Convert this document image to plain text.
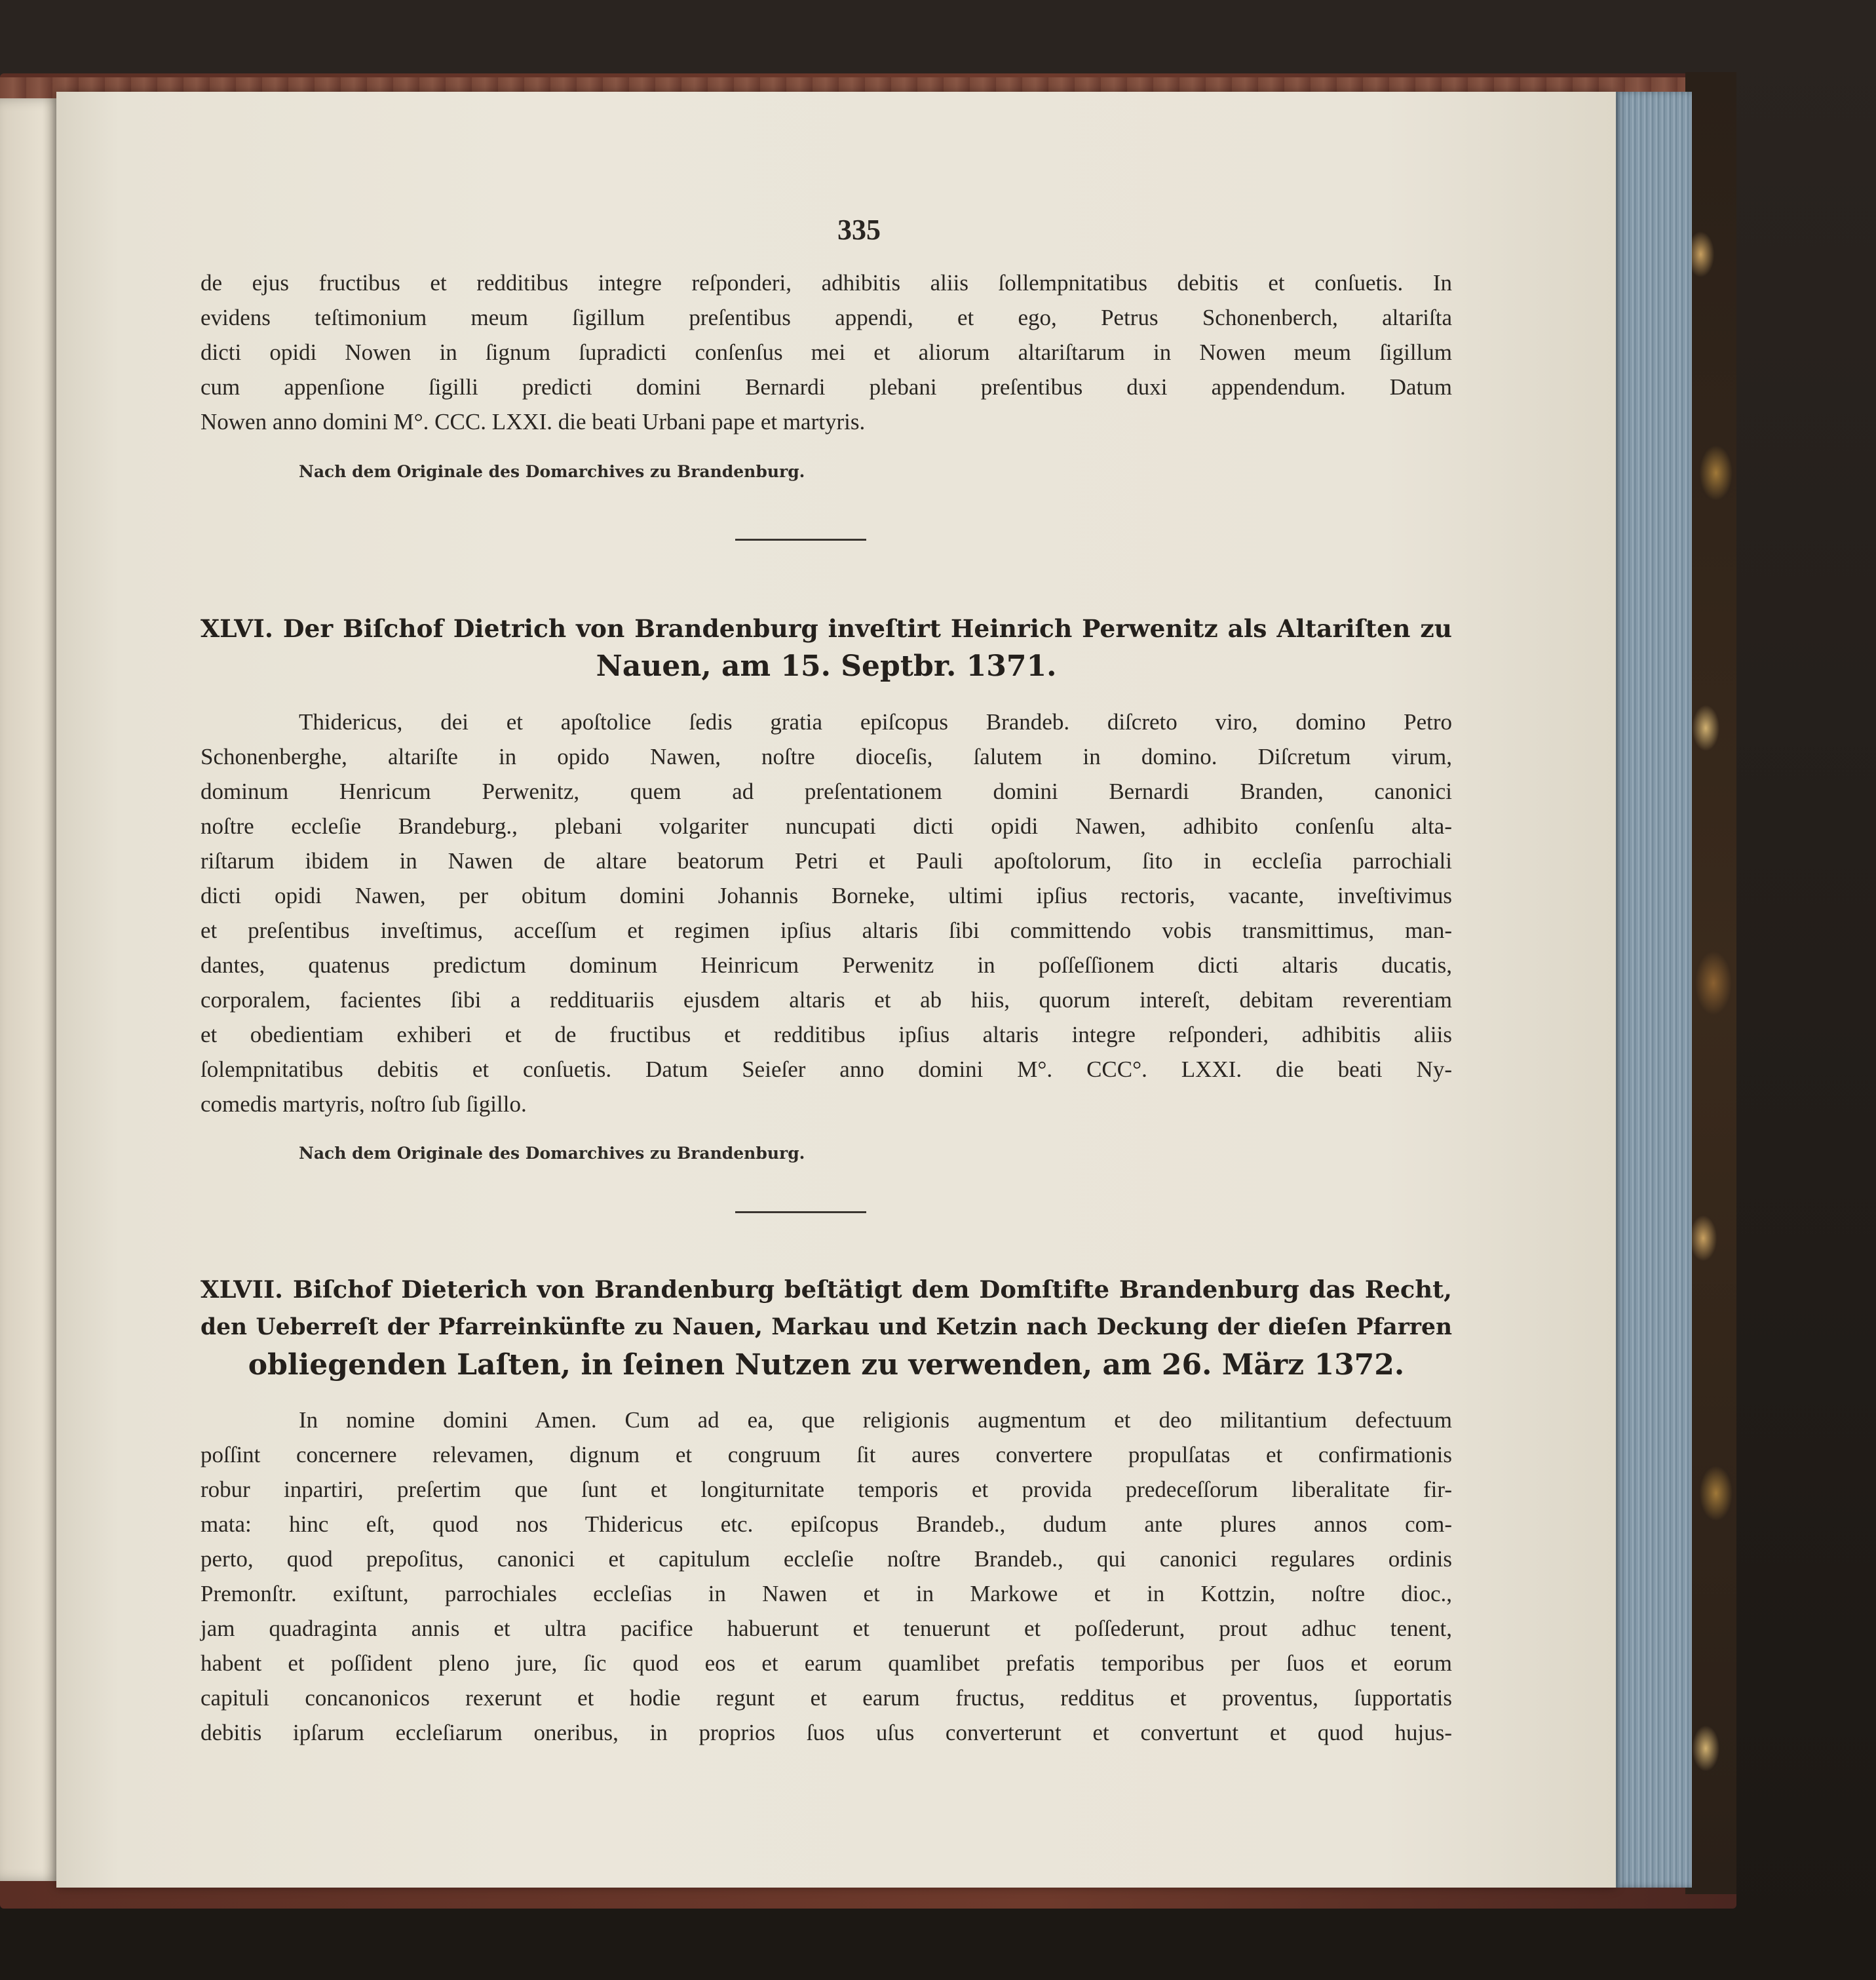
335

de ejus fructibus et redditibus integre reſponderi, adhibitis aliis ſollempnitatibus debitis et conſuetis. In
evidens teſtimonium meum ſigillum preſentibus appendi, et ego, Petrus Schonenberch, altariſta
dicti opidi Nowen in ſignum ſupradicti conſenſus mei et aliorum altariſtarum in Nowen meum ſigillum
cum appenſione ſigilli predicti domini Bernardi plebani preſentibus duxi appendendum. Datum
Nowen anno domini M°. CCC. LXXI. die beati Urbani pape et martyris.

Nach dem Originale des Domarchives zu Brandenburg.

XLVI. Der Biſchof Dietrich von Brandenburg inveſtirt Heinrich Perwenitz als Altariſten zu
Nauen, am 15. Septbr. 1371.

Thidericus, dei et apoſtolice ſedis gratia epiſcopus Brandeb. diſcreto viro, domino Petro
Schonenberghe, altariſte in opido Nawen, noſtre dioceſis, ſalutem in domino. Diſcretum virum,
dominum Henricum Perwenitz, quem ad preſentationem domini Bernardi Branden, canonici
noſtre eccleſie Brandeburg., plebani volgariter nuncupati dicti opidi Nawen, adhibito conſenſu alta-
riſtarum ibidem in Nawen de altare beatorum Petri et Pauli apoſtolorum, ſito in eccleſia parrochiali
dicti opidi Nawen, per obitum domini Johannis Borneke, ultimi ipſius rectoris, vacante, inveſtivimus
et preſentibus inveſtimus, acceſſum et regimen ipſius altaris ſibi committendo vobis transmittimus, man-
dantes, quatenus predictum dominum Heinricum Perwenitz in poſſeſſionem dicti altaris ducatis,
corporalem, facientes ſibi a reddituariis ejusdem altaris et ab hiis, quorum intereſt, debitam reverentiam
et obedientiam exhiberi et de fructibus et redditibus ipſius altaris integre reſponderi, adhibitis aliis
ſolempnitatibus debitis et conſuetis. Datum Seieſer anno domini M°. CCC°. LXXI. die beati Ny-
comedis martyris, noſtro ſub ſigillo.

Nach dem Originale des Domarchives zu Brandenburg.

XLVII. Biſchof Dieterich von Brandenburg beſtätigt dem Domſtifte Brandenburg das Recht,
den Ueberreſt der Pfarreinkünfte zu Nauen, Markau und Ketzin nach Deckung der dieſen Pfarren
obliegenden Laſten, in ſeinen Nutzen zu verwenden, am 26. März 1372.

In nomine domini Amen. Cum ad ea, que religionis augmentum et deo militantium defectuum
poſſint concernere relevamen, dignum et congruum ſit aures convertere propulſatas et confirmationis
robur inpartiri, preſertim que ſunt et longiturnitate temporis et provida predeceſſorum liberalitate fir-
mata: hinc eſt, quod nos Thidericus etc. epiſcopus Brandeb., dudum ante plures annos com-
perto, quod prepoſitus, canonici et capitulum eccleſie noſtre Brandeb., qui canonici regulares ordinis
Premonſtr. exiſtunt, parrochiales eccleſias in Nawen et in Markowe et in Kottzin, noſtre dioc.,
jam quadraginta annis et ultra pacifice habuerunt et tenuerunt et poſſederunt, prout adhuc tenent,
habent et poſſident pleno jure, ſic quod eos et earum quamlibet prefatis temporibus per ſuos et eorum
capituli concanonicos rexerunt et hodie regunt et earum fructus, redditus et proventus, ſupportatis
debitis ipſarum eccleſiarum oneribus, in proprios ſuos uſus converterunt et convertunt et quod hujus-
